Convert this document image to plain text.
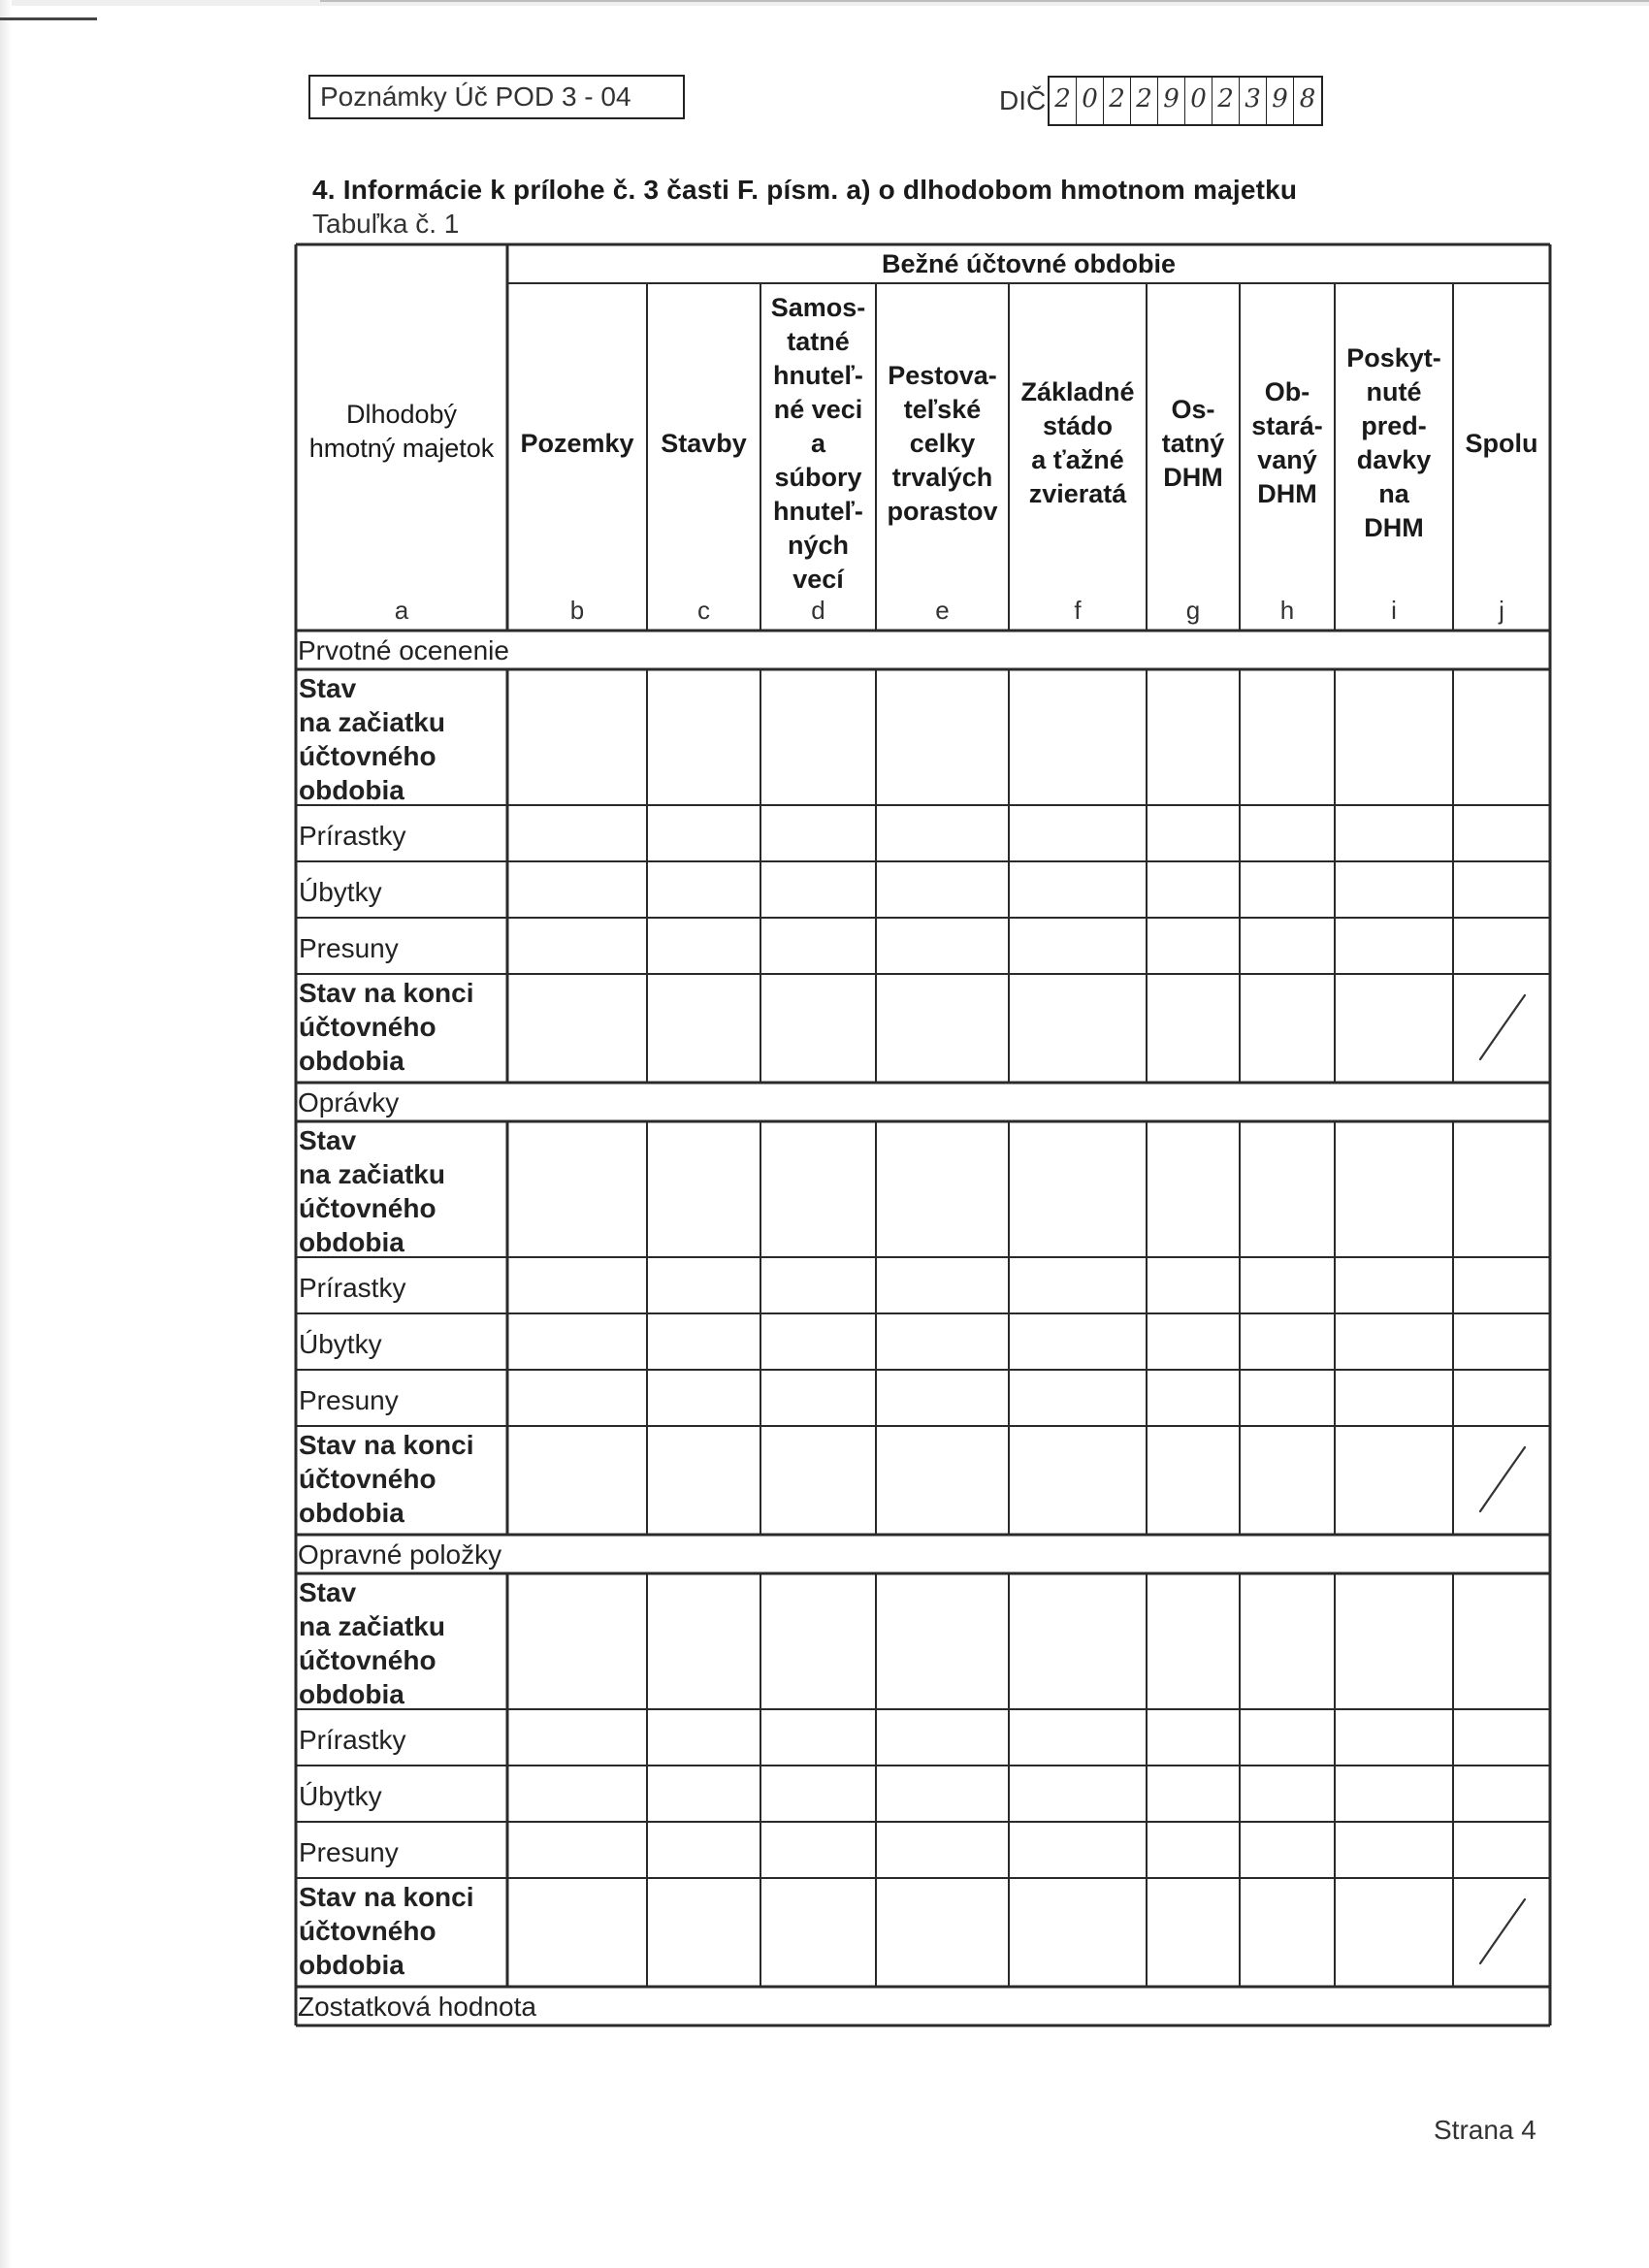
Poznámky Úč POD 3 - 04	DIČ 2 0 2 2 9 0 2 3 9 8
4. Informácie k prílohe č. 3 časti F. písm. a) o dlhodobom hmotnom majetku
Tabuľka č. 1
Bežné účtovné obdobie
Dlhodobý
hmotný majetok
a
Pozemky
b
Stavby
c
Samos-
tatné
hnuteľ-
né veci
a
súbory
hnuteľ-
ných
vecí
d
Pestova-
teľské
celky
trvalých
porastov
e
Základné
stádo
a ťažné
zvieratá
f
Os-
tatný
DHM
g
Ob-
stará-
vaný
DHM
h
Poskyt-
nuté
pred-
davky
na
DHM
i
Spolu
j
Prvotné ocenenie
Stav
na začiatku
účtovného
obdobia
Prírastky
Úbytky
Presuny
Stav na konci
účtovného
obdobia
Oprávky
Stav
na začiatku
účtovného
obdobia
Prírastky
Úbytky
Presuny
Stav na konci
účtovného
obdobia
Opravné položky
Stav
na začiatku
účtovného
obdobia
Prírastky
Úbytky
Presuny
Stav na konci
účtovného
obdobia
Zostatková hodnota
Strana 4
